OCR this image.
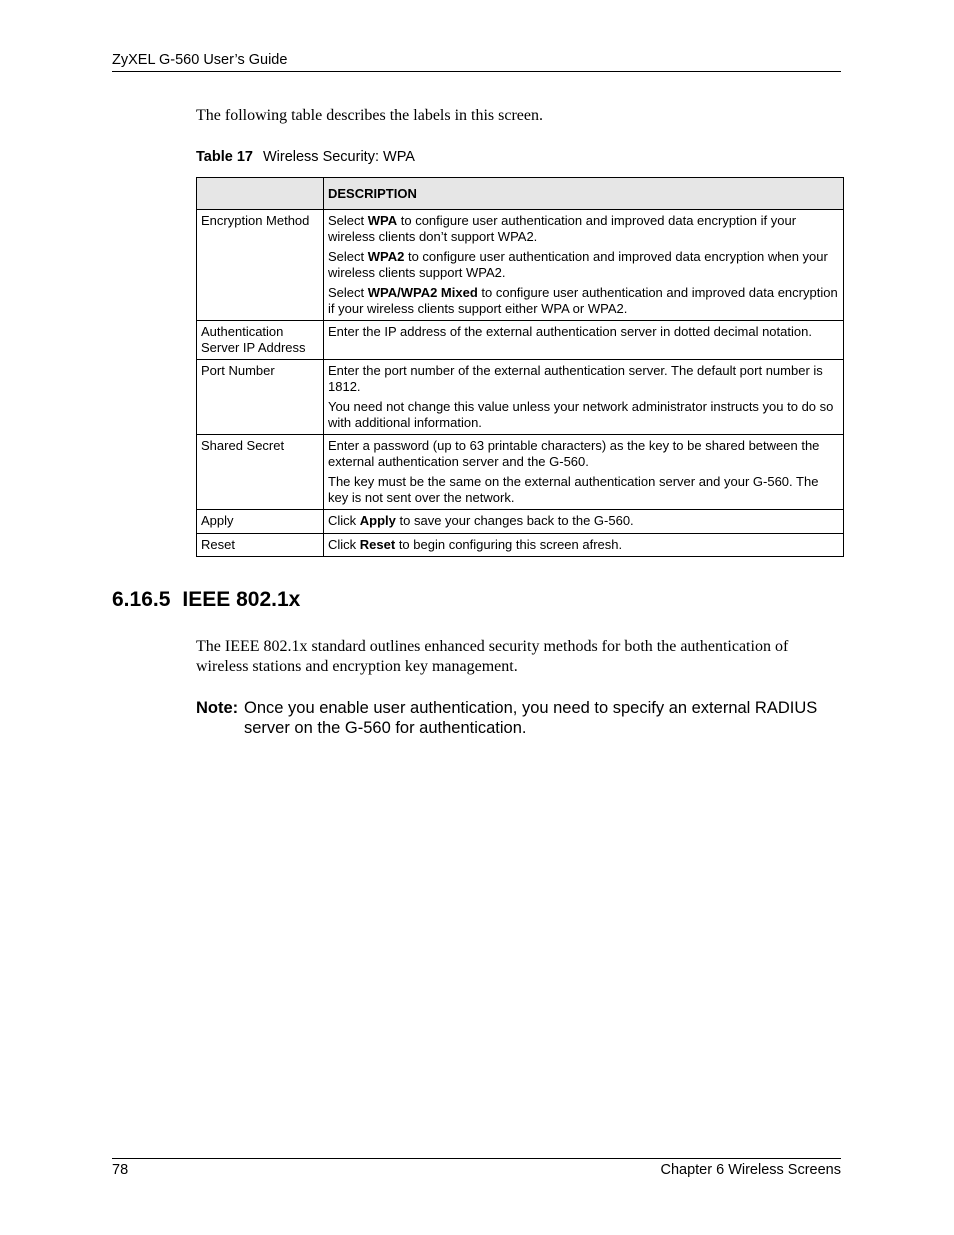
ZyXEL G-560 User’s Guide
The following table describes the labels in this screen.
Table 17 Wireless Security: WPA
	DESCRIPTION
Encryption Method	Select WPA to configure user authentication and improved data encryption if your wireless clients don’t support WPA2.

Select WPA2 to configure user authentication and improved data encryption when your wireless clients support WPA2.

Select WPA/WPA2 Mixed to configure user authentication and improved data encryption if your wireless clients support either WPA or WPA2.

Authentication Server IP Address	Enter the IP address of the external authentication server in dotted decimal notation.

Port Number	Enter the port number of the external authentication server. The default port number is 1812.

You need not change this value unless your network administrator instructs you to do so with additional information.

Shared Secret	Enter a password (up to 63 printable characters) as the key to be shared between the external authentication server and the G-560.

The key must be the same on the external authentication server and your G-560. The key is not sent over the network.

Apply	Click Apply to save your changes back to the G-560.

Reset	Click Reset to begin configuring this screen afresh.

6.16.5 IEEE 802.1x
The IEEE 802.1x standard outlines enhanced security methods for both the authentication of wireless stations and encryption key management.
Note: Once you enable user authentication, you need to specify an external RADIUS server on the G-560 for authentication.
78	Chapter 6 Wireless Screens
